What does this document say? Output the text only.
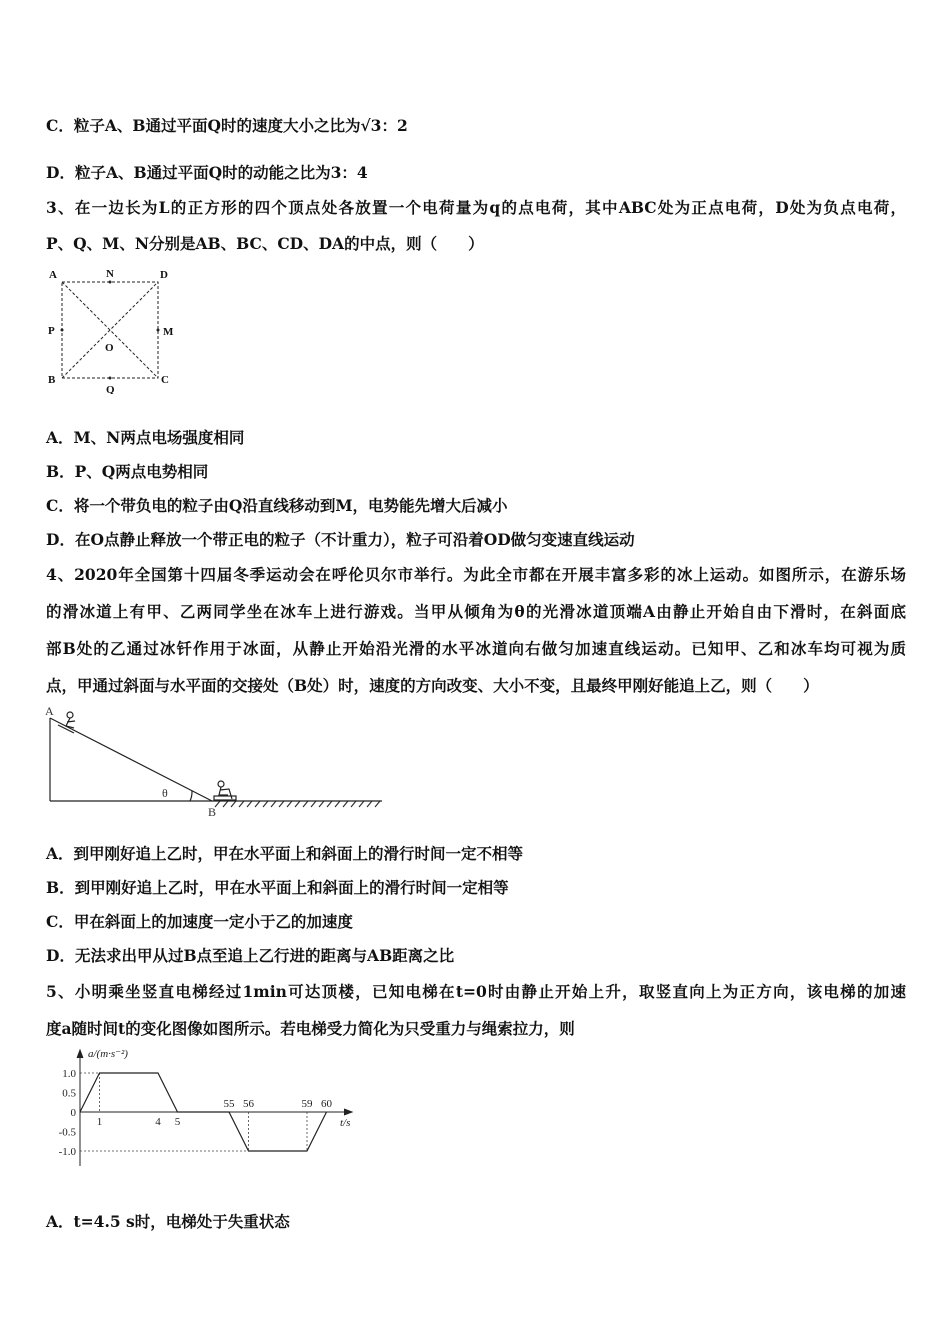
C．粒子A、B通过平面Q时的速度大小之比为√3：2
D．粒子A、B通过平面Q时的动能之比为3：4
3、在一边长为L的正方形的四个顶点处各放置一个电荷量为q的点电荷，其中ABC处为正点电荷，D处为负点电荷，
P、Q、M、N分别是AB、BC、CD、DA的中点，则（　　）
A	N	D
P
O
M
B
Q
C
A．M、N两点电场强度相同
B．P、Q两点电势相同
C．将一个带负电的粒子由Q沿直线移动到M，电势能先增大后减小
D．在O点静止释放一个带正电的粒子（不计重力），粒子可沿着OD做匀变速直线运动
4、2020年全国第十四届冬季运动会在呼伦贝尔市举行。为此全市都在开展丰富多彩的冰上运动。如图所示，在游乐场
的滑冰道上有甲、乙两同学坐在冰车上进行游戏。当甲从倾角为θ的光滑冰道顶端A由静止开始自由下滑时，在斜面底
部B处的乙通过冰钎作用于冰面，从静止开始沿光滑的水平冰道向右做匀加速直线运动。已知甲、乙和冰车均可视为质
点，甲通过斜面与水平面的交接处（B处）时，速度的方向改变、大小不变，且最终甲刚好能追上乙，则（　　）
A
θ
B
A．到甲刚好追上乙时，甲在水平面上和斜面上的滑行时间一定不相等
B．到甲刚好追上乙时，甲在水平面上和斜面上的滑行时间一定相等
C．甲在斜面上的加速度一定小于乙的加速度
D．无法求出甲从过B点至追上乙行进的距离与AB距离之比
5、小明乘坐竖直电梯经过1min可达顶楼，已知电梯在t=0时由静止开始上升，取竖直向上为正方向，该电梯的加速
度a随时间t的变化图像如图所示。若电梯受力简化为只受重力与绳索拉力，则
1.0
0.5
0
-0.5
-1.0
1	4 5
55 56	59 60
a/(m·s⁻²)
t/s
A．t=4.5 s时，电梯处于失重状态
